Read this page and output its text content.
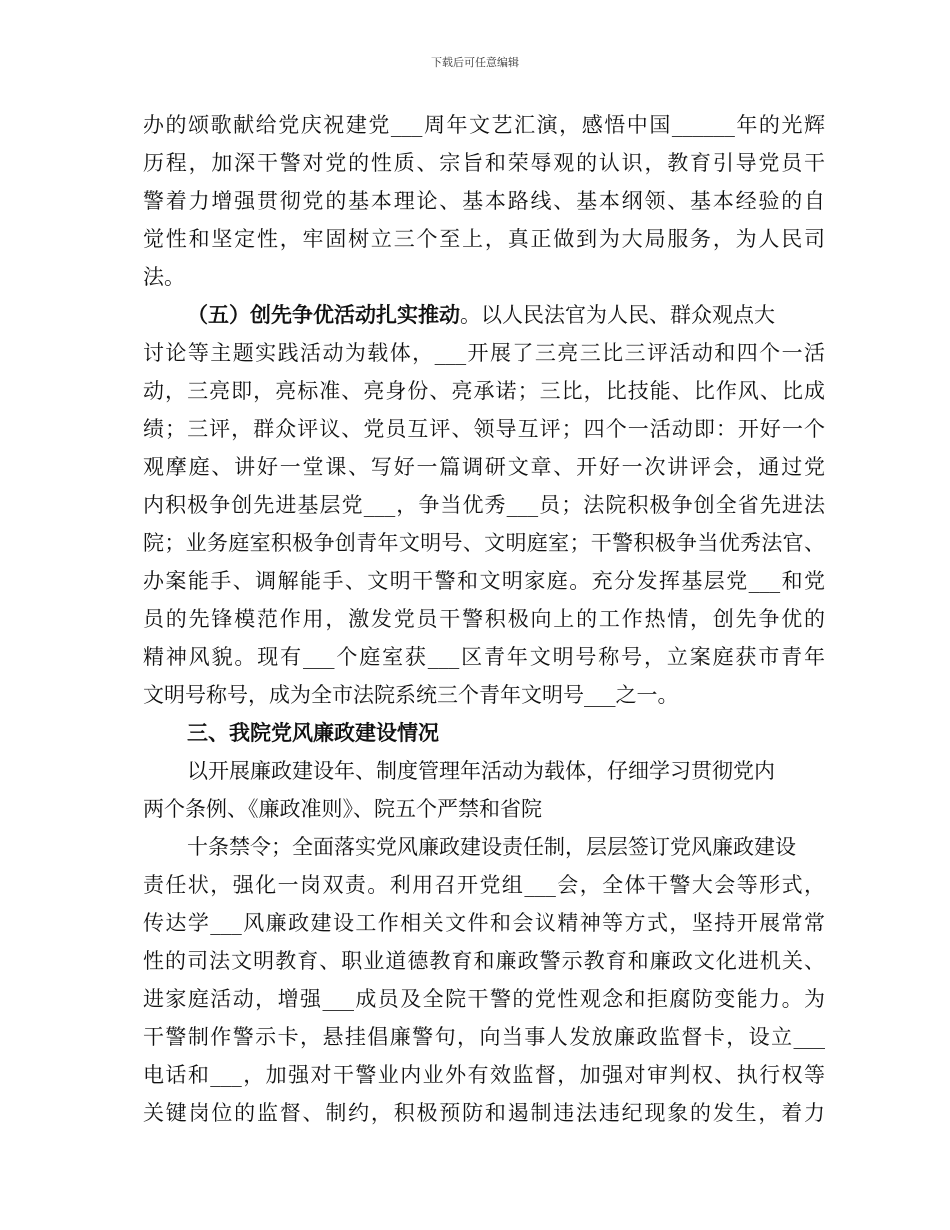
下载后可任意编辑
办的颂歌献给党庆祝建党___周年文艺汇演，感悟中国______年的光辉
历程，加深干警对党的性质、宗旨和荣辱观的认识，教育引导党员干
警着力增强贯彻党的基本理论、基本路线、基本纲领、基本经验的自
觉性和坚定性，牢固树立三个至上，真正做到为大局服务，为人民司
法。
（五）创先争优活动扎实推动。以人民法官为人民、群众观点大
讨论等主题实践活动为载体，___开展了三亮三比三评活动和四个一活
动，三亮即，亮标准、亮身份、亮承诺；三比，比技能、比作风、比成
绩；三评，群众评议、党员互评、领导互评；四个一活动即：开好一个
观摩庭、讲好一堂课、写好一篇调研文章、开好一次讲评会，通过党
内积极争创先进基层党___，争当优秀___员；法院积极争创全省先进法
院；业务庭室积极争创青年文明号、文明庭室；干警积极争当优秀法官、
办案能手、调解能手、文明干警和文明家庭。充分发挥基层党___和党
员的先锋模范作用，激发党员干警积极向上的工作热情，创先争优的
精神风貌。现有___个庭室获___区青年文明号称号，立案庭获市青年
文明号称号，成为全市法院系统三个青年文明号___之一。
三、我院党风廉政建设情况
以开展廉政建设年、制度管理年活动为载体，仔细学习贯彻党内
两个条例、《廉政准则》、院五个严禁和省院
十条禁令；全面落实党风廉政建设责任制，层层签订党风廉政建设
责任状，强化一岗双责。利用召开党组___会，全体干警大会等形式，
传达学___风廉政建设工作相关文件和会议精神等方式，坚持开展常常
性的司法文明教育、职业道德教育和廉政警示教育和廉政文化进机关、
进家庭活动，增强___成员及全院干警的党性观念和拒腐防变能力。为
干警制作警示卡，悬挂倡廉警句，向当事人发放廉政监督卡，设立___
电话和___，加强对干警业内业外有效监督，加强对审判权、执行权等
关键岗位的监督、制约，积极预防和遏制违法违纪现象的发生，着力
